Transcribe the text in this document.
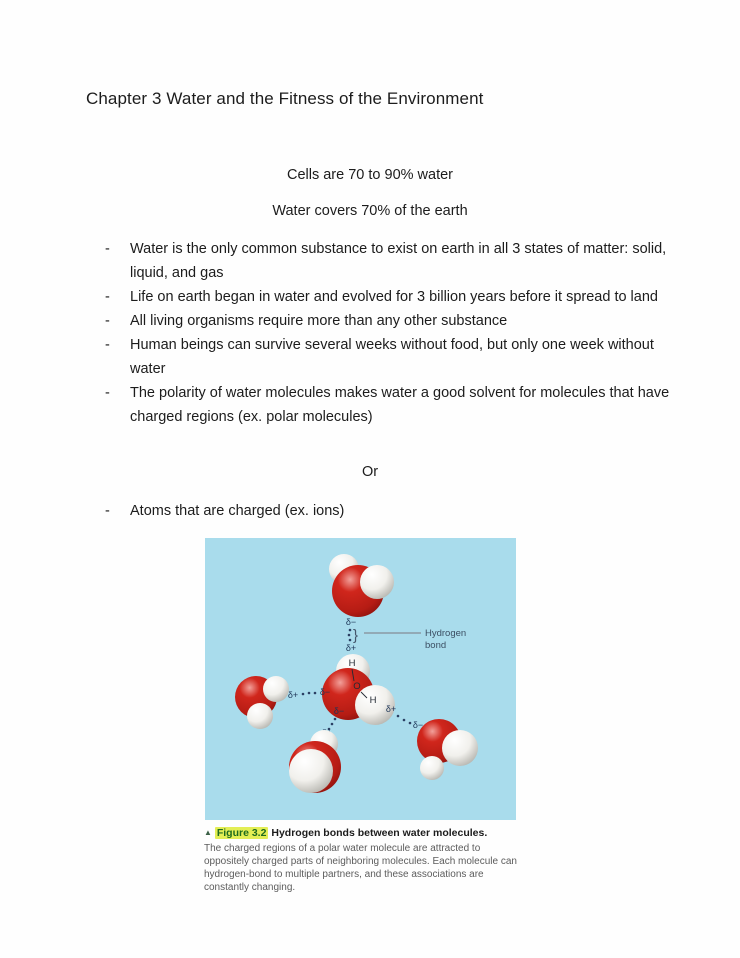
Chapter 3 Water and the Fitness of the Environment
Cells are 70 to 90% water
Water covers 70% of the earth
-	Water is the only common substance to exist on earth in all 3 states of matter: solid, liquid, and gas
-	Life on earth began in water and evolved for 3 billion years before it spread to land
-	All living organisms require more than any other substance
-	Human beings can survive several weeks without food, but only one week without water
-	The polarity of water molecules makes water a good solvent for molecules that have charged regions (ex. polar molecules)
Or
-	Atoms that are charged (ex. ions)
δ−
}
δ+
Hydrogen
bond
H
O
H
δ+ δ−
δ−	δ+
δ−
▲ Figure 3.2 Hydrogen bonds between water molecules.
The charged regions of a polar water molecule are attracted to
oppositely charged parts of neighboring molecules. Each molecule can
hydrogen-bond to multiple partners, and these associations are
constantly changing.
